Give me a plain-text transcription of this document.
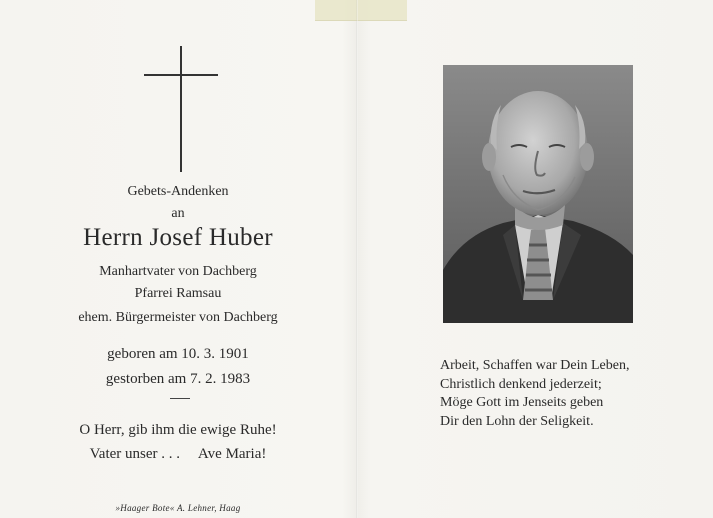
Gebets-Andenken
an
Herrn Josef Huber
Manhartvater von Dachberg
Pfarrei Ramsau
ehem. Bürgermeister von Dachberg
geboren am 10. 3. 1901
gestorben am 7. 2. 1983
O Herr, gib ihm die ewige Ruhe!
Vater unser . . .     Ave Maria!
»Haager Bote« A. Lehner, Haag
Arbeit, Schaffen war Dein Leben,
Christlich denkend jederzeit;
Möge Gott im Jenseits geben
Dir den Lohn der Seligkeit.
